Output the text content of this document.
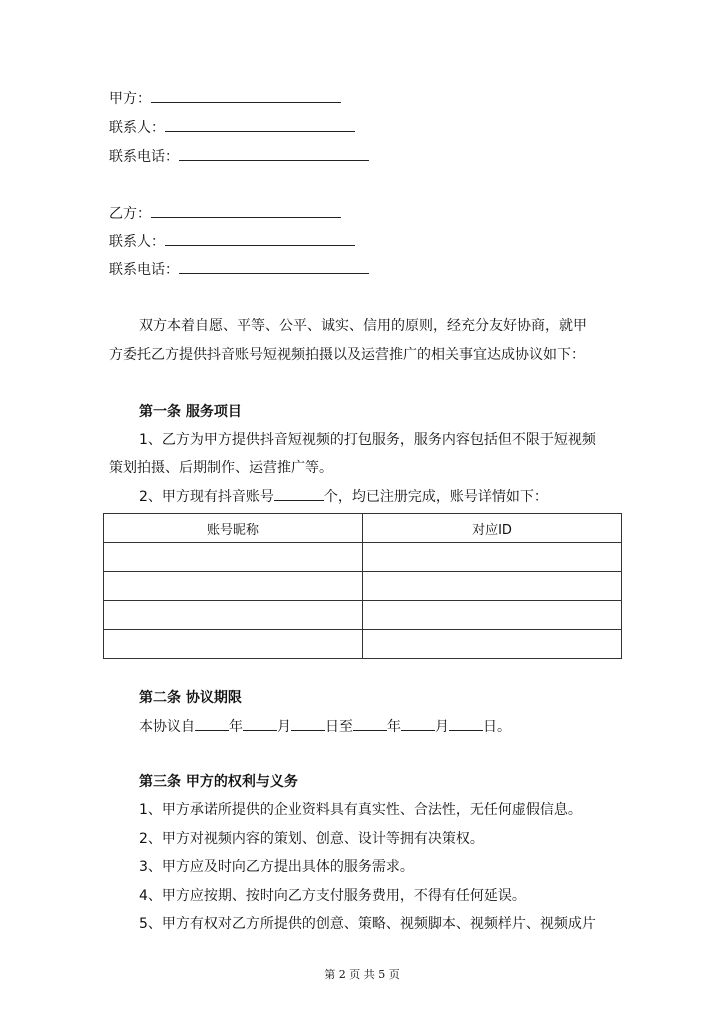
甲方：
联系人：
联系电话：
乙方：
联系人：
联系电话：
双方本着自愿、平等、公平、诚实、信用的原则，经充分友好协商，就甲
方委托乙方提供抖音账号短视频拍摄以及运营推广的相关事宜达成协议如下：
第一条 服务项目
1、乙方为甲方提供抖音短视频的打包服务，服务内容包括但不限于短视频
策划拍摄、后期制作、运营推广等。
2、甲方现有抖音账号	个，均已注册完成，账号详情如下：
账号昵称	对应ID

第二条 协议期限
本协议自 年 月 日至 年 月 日。
第三条 甲方的权利与义务
1、甲方承诺所提供的企业资料具有真实性、合法性，无任何虚假信息。
2、甲方对视频内容的策划、创意、设计等拥有决策权。
3、甲方应及时向乙方提出具体的服务需求。
4、甲方应按期、按时向乙方支付服务费用，不得有任何延误。
5、甲方有权对乙方所提供的创意、策略、视频脚本、视频样片、视频成片
第 2 页 共 5 页
